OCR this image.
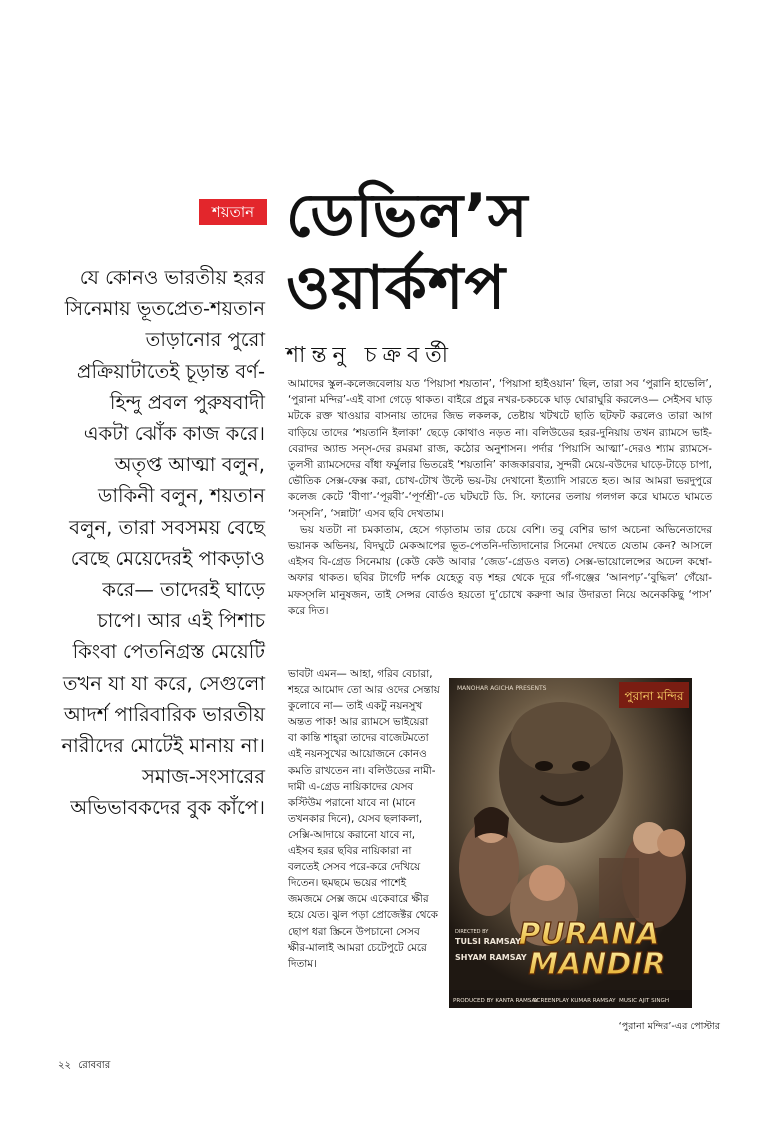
শয়তান ডেভিল’স
ওয়ার্কশপ

শান্তনু চক্রবর্তী

যে কোনও ভারতীয় হরর সিনেমায় ভূতপ্রেত-শয়তান তাড়ানোর পুরো প্রক্রিয়াটাতেই চূড়ান্ত বর্ণ-হিন্দু প্রবল পুরুষবাদী একটা ঝোঁক কাজ করে। অতৃপ্ত আত্মা বলুন, ডাকিনী বলুন, শয়তান বলুন, তারা সবসময় বেছে বেছে মেয়েদেরই পাকড়াও করে— তাদেরই ঘাড়ে চাপে। আর এই পিশাচ কিংবা পেতনিগ্রস্ত মেয়েটি তখন যা যা করে, সেগুলো আদর্শ পারিবারিক ভারতীয় নারীদের মোটেই মানায় না। সমাজ-সংসারের অভিভাবকদের বুক কাঁপে।

আমাদের স্কুল-কলেজবেলায় যত ‘পিয়াসা শয়তান’, ‘পিয়াসা হাইওয়ান’ ছিল, তারা সব ‘পুরানি হাভেলি’, ‘পুরানা মন্দির’-এই বাসা গেড়ে থাকত। বাইরে প্রচুর নখর-চকচকে ঘাড় ঘোরাঘুরি করলেও— সেইসব ঘাড় মটকে রক্ত খাওয়ার বাসনায় তাদের জিভ লকলক, তেষ্টায় খটখটে ছাতি ছটফট করলেও তারা আগ বাড়িয়ে তাদের ‘শয়তানি ইলাকা’ ছেড়ে কোথাও নড়ত না। বলিউডের হরর-দুনিয়ায় তখন র‍্যামসে ভাই-বেরাদর অ্যান্ড সন্‌স-দের রমরমা রাজ, কঠোর অনুশাসন। পর্দার ‘পিয়াসি আত্মা’-দেরও শ্যাম র‍্যামসে-তুলসী র‍্যামসেদের বাঁধা ফর্মুলার ভিতরেই ‘শয়তানি’ কাজকারবার, সুন্দরী মেয়ে-বউদের ঘাড়ে-টাড়ে চাপা, ভৌতিক সেক্স-ফেক্স করা, চোখ-টোখ উল্টে ভয়-টয় দেখানো ইত্যাদি সারতে হত। আর আমরা ভরদুপুরে কলেজ কেটে ‘বীণা’-‘পূরবী’-‘পূর্ণশ্রী’-তে ঘটঘটে ডি. সি. ফ্যানের তলায় গলগল করে ঘামতে ঘামতে ‘সন্‌সনি’, ‘সন্নাটা’ এসব ছবি দেখতাম।

ভয় যতটা না চমকাতাম, হেসে গড়াতাম তার চেয়ে বেশি। তবু বেশির ভাগ অচেনা অভিনেতাদের ভয়ানক অভিনয়, বিদঘুটে মেকআপের ভূত-পেতনি-দত্যিদানোর সিনেমা দেখতে যেতাম কেন? আসলে এইসব বি-গ্রেড সিনেমায় (কেউ কেউ আবার ‘জেড’-গ্রেডও বলত) সেক্স-ভায়োলেন্সের অঢেল কম্বো-অফার থাকত। ছবির টার্গেট দর্শক যেহেতু বড় শহর থেকে দূরে গাঁ-গঞ্জের ‘আনপঢ়’-‘বুদ্ধিল’ গেঁয়ো-মফস্সলি মানুষজন, তাই সেন্সর বোর্ডও হয়তো দু’চোখে করুণা আর উদারতা নিয়ে অনেককিছু ‘পাস’ করে দিত।

ভাবটা এমন— আহা, গরিব বেচারা, শহরে আমোদ তো আর ওদের সেন্তায় কুলোবে না— তাই একটু নয়নসুখ অন্তত পাক! আর র‍্যামসে ভাইয়েরা বা কান্তি শাহ্‌রা তাদের বাজেটমতো এই নয়নসুখের আয়োজনে কোনও কমতি রাখতেন না। বলিউডের নামী-দামী এ-গ্রেড নায়িকাদের যেসব কস্টিউম পরানো যাবে না (মানে তখনকার দিনে), যেসব ছলাকলা, সেক্সি-আদায়ে করানো যাবে না, এইসব হরর ছবির নায়িকারা না বলতেই সেসব পরে-করে দেখিয়ে দিতেন। ছমছমে ভয়ের পাশেই জমজমে সেক্স জমে একেবারে ক্ষীর হয়ে যেত। ঝুল পড়া প্রোজেক্টর থেকে ছোপ ধরা স্ক্রিনে উপচানো সেসব ক্ষীর-মালাই আমরা চেটেপুটে মেরে দিতাম।

পুরানা মন্দির
MANOHAR AGICHA PRESENTS
PURANA
MANDIR
DIRECTED BY
TULSI RAMSAY
SHYAM RAMSAY
PRODUCED BY KANTA RAMSAY
SCREENPLAY KUMAR RAMSAY MUSIC AJIT SINGH
‘পুরানা মন্দির’-এর পোস্টার
২২ রোববার
